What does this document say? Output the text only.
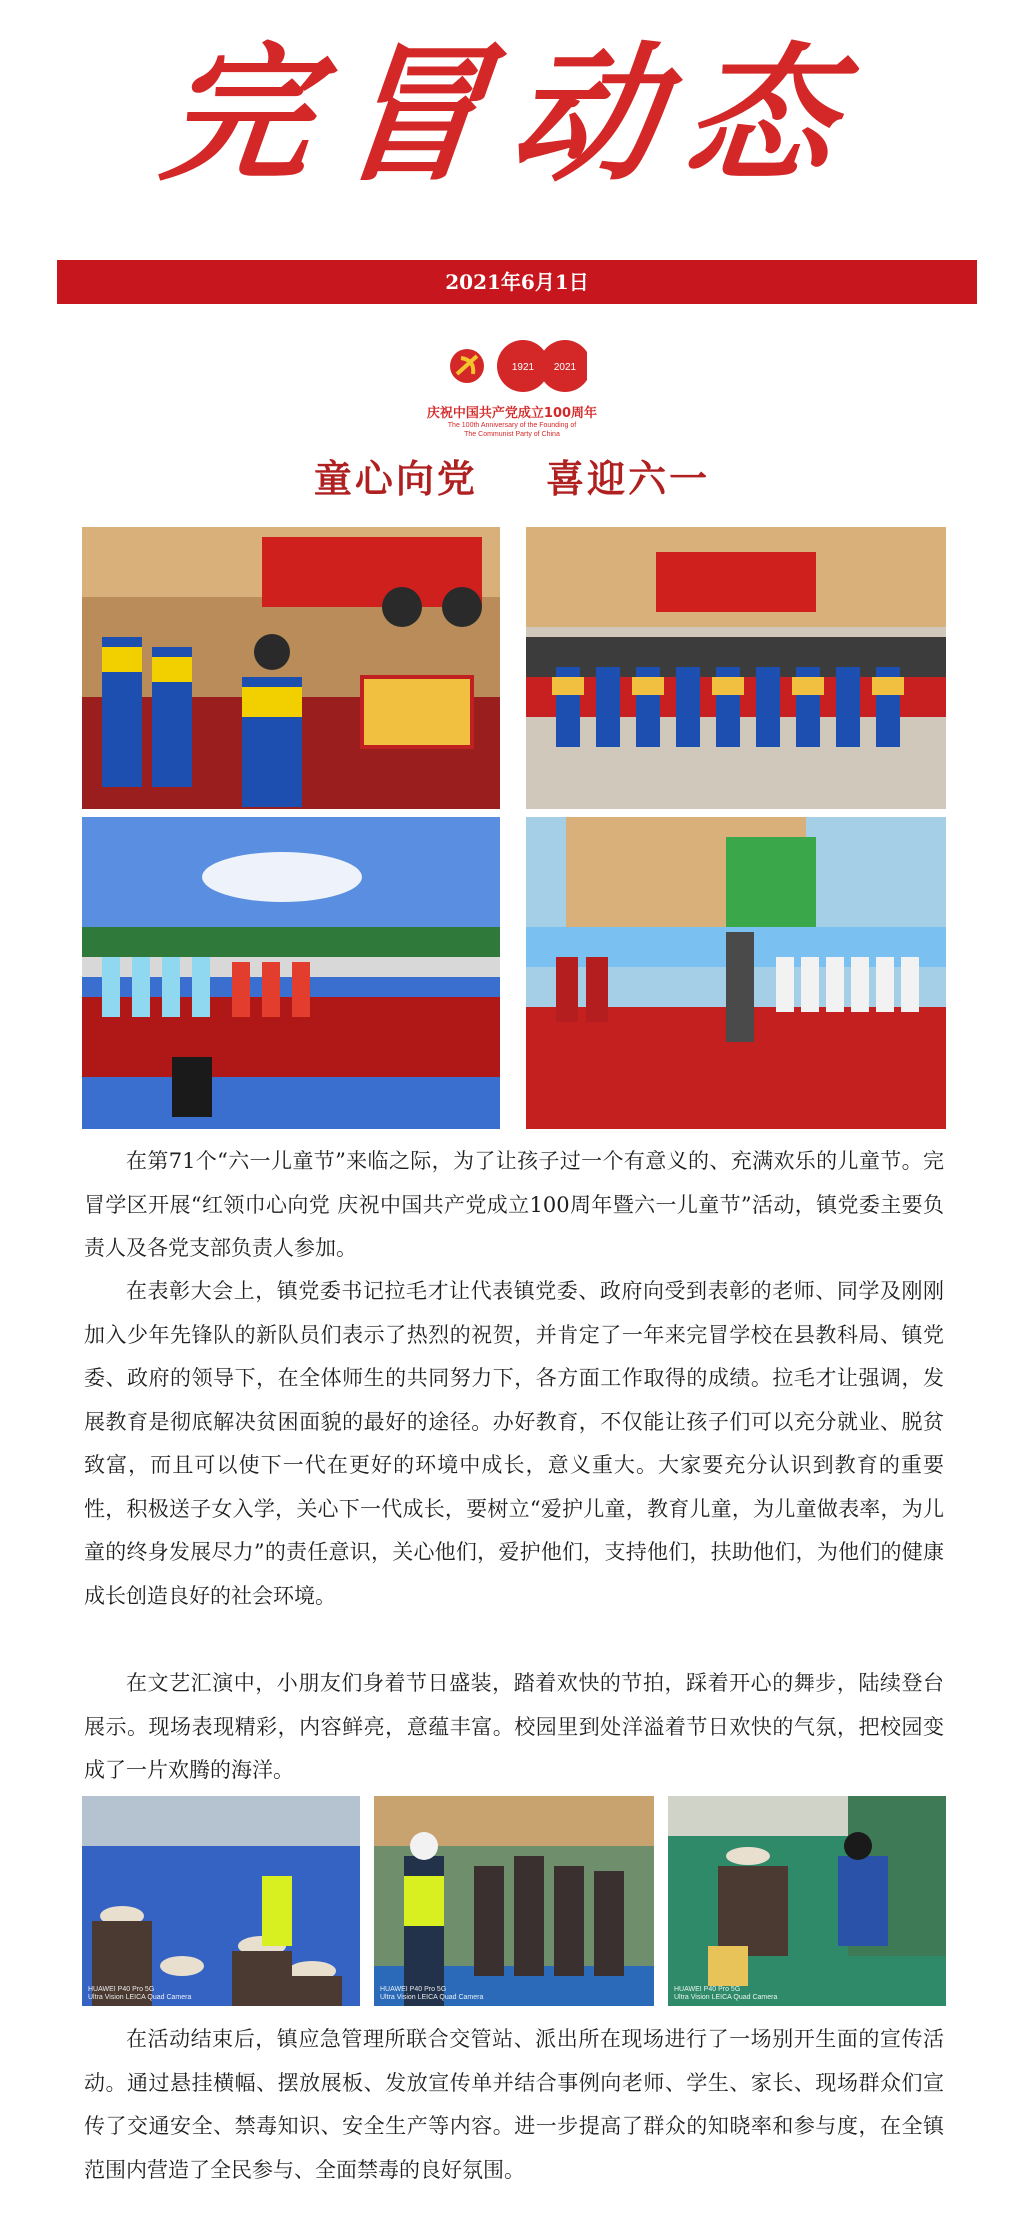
完冒动态
2021年6月1日
1921 2021
庆祝中国共产党成立100周年
The 100th Anniversary of the Founding of
The Communist Party of China
童心向党 喜迎六一
在第71个“六一儿童节”来临之际，为了让孩子过一个有意义的、充满欢乐的儿童节。完冒学区开展“红领巾心向党 庆祝中国共产党成立100周年暨六一儿童节”活动，镇党委主要负责人及各党支部负责人参加。
在表彰大会上，镇党委书记拉毛才让代表镇党委、政府向受到表彰的老师、同学及刚刚加入少年先锋队的新队员们表示了热烈的祝贺，并肯定了一年来完冒学校在县教科局、镇党委、政府的领导下，在全体师生的共同努力下，各方面工作取得的成绩。拉毛才让强调，发展教育是彻底解决贫困面貌的最好的途径。办好教育，不仅能让孩子们可以充分就业、脱贫致富，而且可以使下一代在更好的环境中成长，意义重大。大家要充分认识到教育的重要性，积极送子女入学，关心下一代成长，要树立“爱护儿童，教育儿童，为儿童做表率，为儿童的终身发展尽力”的责任意识，关心他们，爱护他们，支持他们，扶助他们，为他们的健康成长创造良好的社会环境。
在文艺汇演中，小朋友们身着节日盛装，踏着欢快的节拍，踩着开心的舞步，陆续登台展示。现场表现精彩，内容鲜亮，意蕴丰富。校园里到处洋溢着节日欢快的气氛，把校园变成了一片欢腾的海洋。
HUAWEI P40 Pro 5G
Ultra Vision LEICA Quad Camera
HUAWEI P40 Pro 5G
Ultra Vision LEICA Quad Camera
HUAWEI P40 Pro 5G
Ultra Vision LEICA Quad Camera
在活动结束后，镇应急管理所联合交管站、派出所在现场进行了一场别开生面的宣传活动。通过悬挂横幅、摆放展板、发放宣传单并结合事例向老师、学生、家长、现场群众们宣传了交通安全、禁毒知识、安全生产等内容。进一步提高了群众的知晓率和参与度，在全镇范围内营造了全民参与、全面禁毒的良好氛围。
